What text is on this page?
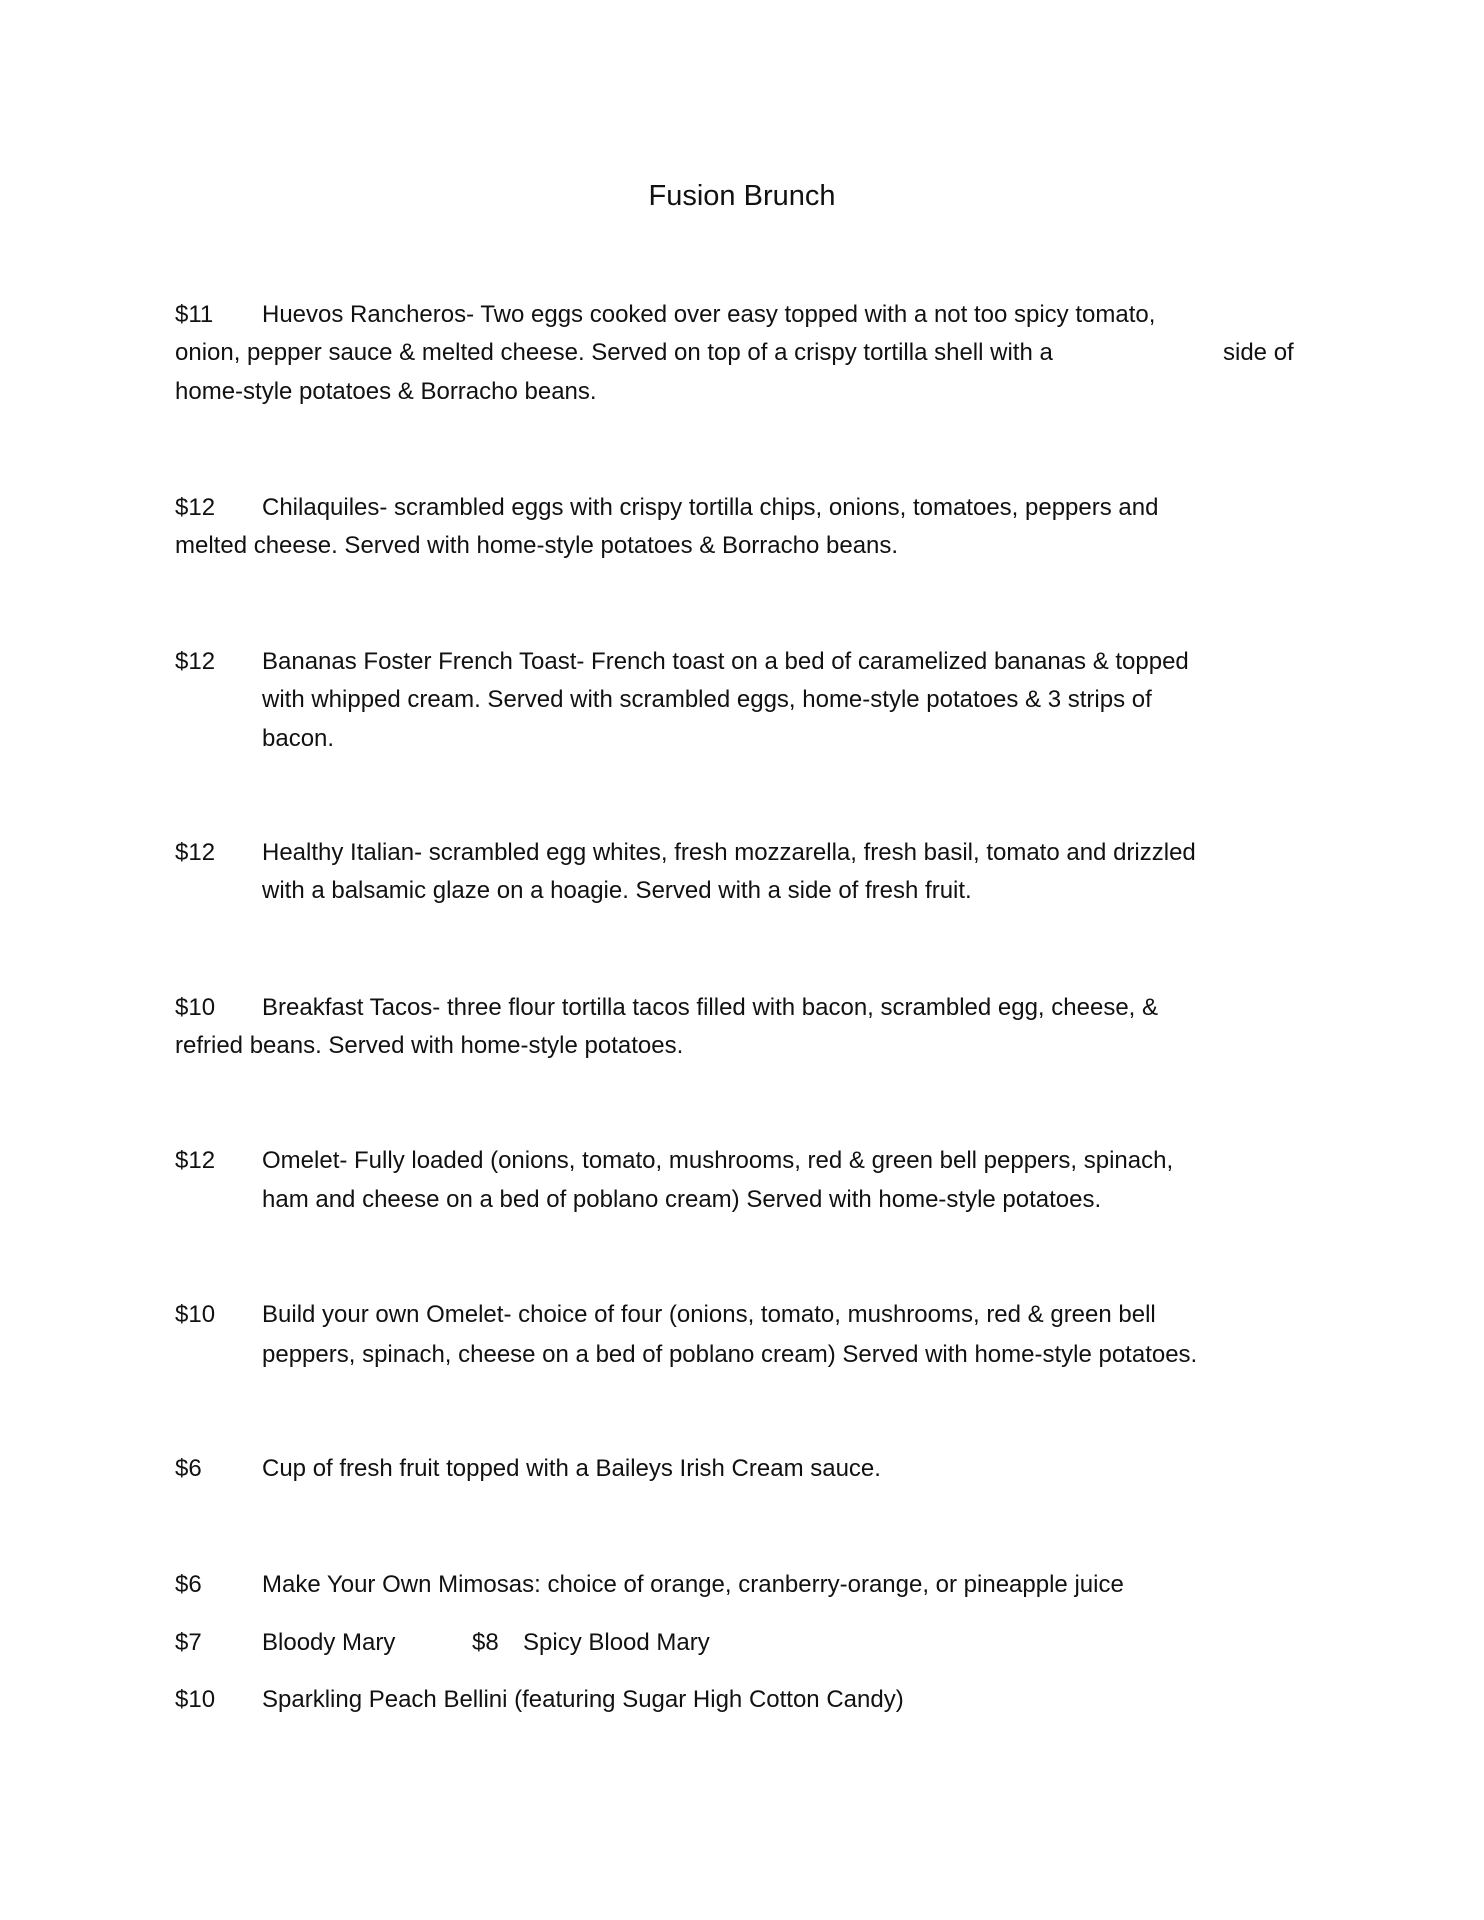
Fusion Brunch
$11 Huevos Rancheros- Two eggs cooked over easy topped with a not too spicy tomato,
onion, pepper sauce & melted cheese. Served on top of a crispy tortilla shell with a	side of
home-style potatoes & Borracho beans.
$12 Chilaquiles- scrambled eggs with crispy tortilla chips, onions, tomatoes, peppers and
melted cheese. Served with home-style potatoes & Borracho beans.
$12 Bananas Foster French Toast- French toast on a bed of caramelized bananas & topped
with whipped cream. Served with scrambled eggs, home-style potatoes & 3 strips of
bacon.
$12 Healthy Italian- scrambled egg whites, fresh mozzarella, fresh basil, tomato and drizzled
with a balsamic glaze on a hoagie. Served with a side of fresh fruit.
$10 Breakfast Tacos- three flour tortilla tacos filled with bacon, scrambled egg, cheese, &
refried beans. Served with home-style potatoes.
$12 Omelet- Fully loaded (onions, tomato, mushrooms, red & green bell peppers, spinach,
ham and cheese on a bed of poblano cream) Served with home-style potatoes.
$10 Build your own Omelet- choice of four (onions, tomato, mushrooms, red & green bell
peppers, spinach, cheese on a bed of poblano cream) Served with home-style potatoes.
$6	Cup of fresh fruit topped with a Baileys Irish Cream sauce.
$6	Make Your Own Mimosas: choice of orange, cranberry-orange, or pineapple juice
$7	Bloody Mary	$8 Spicy Blood Mary
$10 Sparkling Peach Bellini (featuring Sugar High Cotton Candy)
